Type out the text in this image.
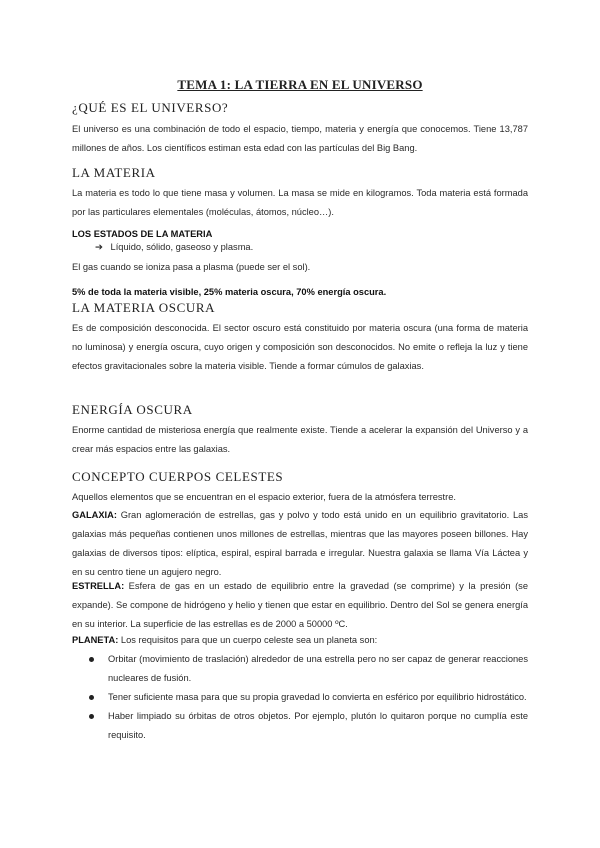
TEMA 1: LA TIERRA EN EL UNIVERSO
¿QUÉ ES EL UNIVERSO?
El universo es una combinación de todo el espacio, tiempo, materia y energía que conocemos. Tiene 13,787 millones de años. Los científicos estiman esta edad con las partículas del Big Bang.
LA MATERIA
La materia es todo lo que tiene masa y volumen. La masa se mide en kilogramos. Toda materia está formada por las particulares elementales (moléculas, átomos, núcleo…).
LOS ESTADOS DE LA MATERIA
➔ Líquido, sólido, gaseoso y plasma.
El gas cuando se ioniza pasa a plasma (puede ser el sol).
5% de toda la materia visible, 25% materia oscura, 70% energía oscura.
LA MATERIA OSCURA
Es de composición desconocida. El sector oscuro está constituido por materia oscura (una forma de materia no luminosa) y energía oscura, cuyo origen y composición son desconocidos. No emite o refleja la luz y tiene efectos gravitacionales sobre la materia visible. Tiende a formar cúmulos de galaxias.
ENERGÍA OSCURA
Enorme cantidad de misteriosa energía que realmente existe. Tiende a acelerar la expansión del Universo y a crear más espacios entre las galaxias.
CONCEPTO CUERPOS CELESTES
Aquellos elementos que se encuentran en el espacio exterior, fuera de la atmósfera terrestre.
GALAXIA: Gran aglomeración de estrellas, gas y polvo y todo está unido en un equilibrio gravitatorio. Las galaxias más pequeñas contienen unos millones de estrellas, mientras que las mayores poseen billones. Hay galaxias de diversos tipos: elíptica, espiral, espiral barrada e irregular. Nuestra galaxia se llama Vía Láctea y en su centro tiene un agujero negro.
ESTRELLA: Esfera de gas en un estado de equilibrio entre la gravedad (se comprime) y la presión (se expande). Se compone de hidrógeno y helio y tienen que estar en equilibrio. Dentro del Sol se genera energía en su interior. La superficie de las estrellas es de 2000 a 50000 ºC.
PLANETA: Los requisitos para que un cuerpo celeste sea un planeta son:
Orbitar (movimiento de traslación) alrededor de una estrella pero no ser capaz de generar reacciones nucleares de fusión.
Tener suficiente masa para que su propia gravedad lo convierta en esférico por equilibrio hidrostático.
Haber limpiado su órbitas de otros objetos. Por ejemplo, plutón lo quitaron porque no cumplía este requisito.
